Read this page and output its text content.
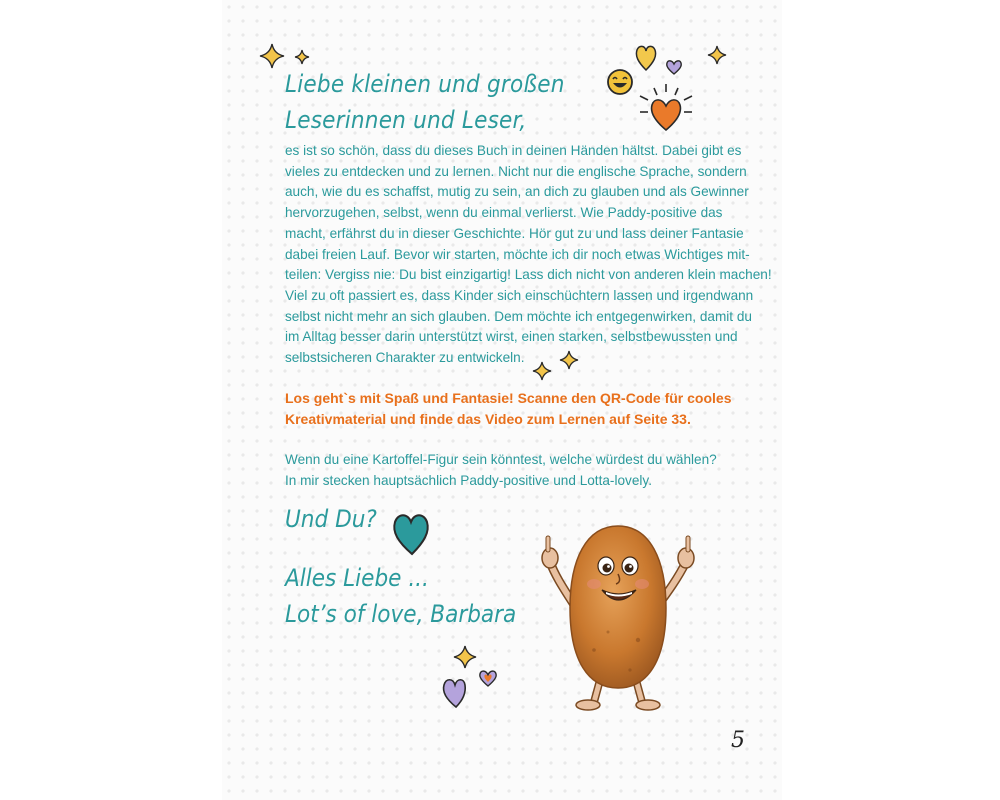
Liebe kleinen und großen
Leserinnen und Leser,
es ist so schön, dass du dieses Buch in deinen Händen hältst. Dabei gibt es
vieles zu entdecken und zu lernen. Nicht nur die englische Sprache, sondern
auch, wie du es schaffst, mutig zu sein, an dich zu glauben und als Gewinner
hervorzugehen, selbst, wenn du einmal verlierst. Wie Paddy-positive das
macht, erfährst du in dieser Geschichte. Hör gut zu und lass deiner Fantasie
dabei freien Lauf. Bevor wir starten, möchte ich dir noch etwas Wichtiges mit-
teilen: Vergiss nie: Du bist einzigartig! Lass dich nicht von anderen klein machen!
Viel zu oft passiert es, dass Kinder sich einschüchtern lassen und irgendwann
selbst nicht mehr an sich glauben. Dem möchte ich entgegenwirken, damit du
im Alltag besser darin unterstützt wirst, einen starken, selbstbewussten und
selbstsicheren Charakter zu entwickeln.
Los geht`s mit Spaß und Fantasie! Scanne den QR-Code für cooles
Kreativmaterial und finde das Video zum Lernen auf Seite 33.
Wenn du eine Kartoffel-Figur sein könntest, welche würdest du wählen?
In mir stecken hauptsächlich Paddy-positive und Lotta-lovely.
Und Du?
Alles Liebe ...
Lot’s of love, Barbara
5
